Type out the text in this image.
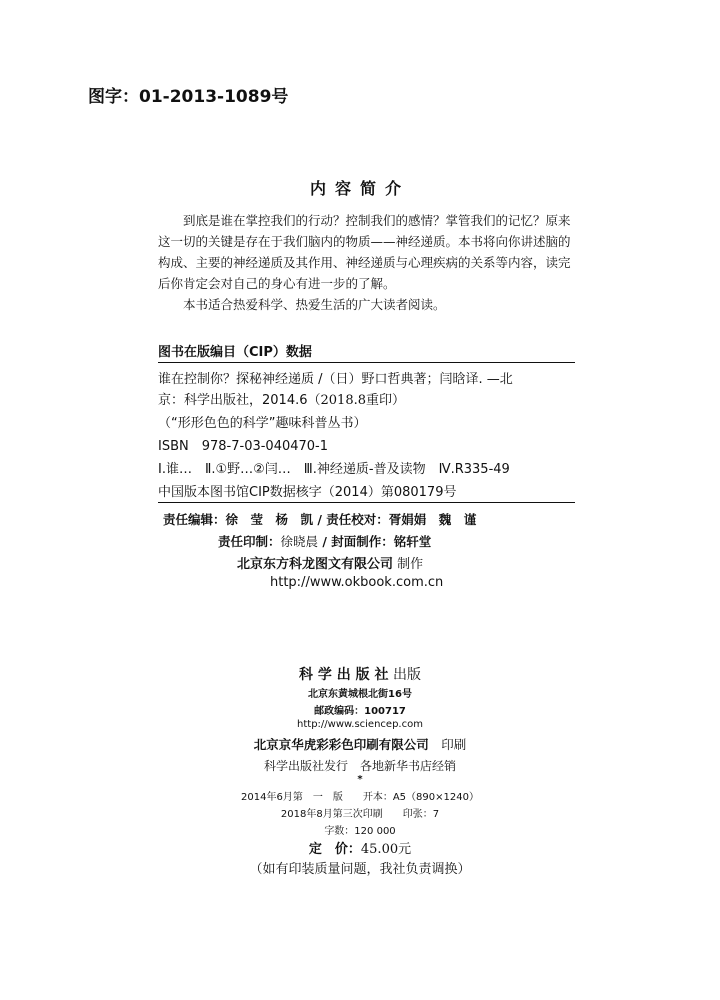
图字：01-2013-1089号
内容简介

到底是谁在掌控我们的行动？控制我们的感情？掌管我们的记忆？原来这一切的关键是存在于我们脑内的物质——神经递质。本书将向你讲述脑的构成、主要的神经递质及其作用、神经递质与心理疾病的关系等内容，读完后你肯定会对自己的身心有进一步的了解。

本书适合热爱科学、热爱生活的广大读者阅读。

图书在版编目（CIP）数据
谁在控制你？探秘神经递质 /（日）野口哲典著；闫晗译. —北
京：科学出版社，2014.6（2018.8重印）
（“形形色色的科学”趣味科普丛书）
ISBN　978-7-03-040470-1
Ⅰ.谁…　Ⅱ.①野…②闫…　Ⅲ.神经递质-普及读物　Ⅳ.R335-49
中国版本图书馆CIP数据核字（2014）第080179号
责任编辑：徐　莹　杨　凯 / 责任校对：胥娟娟　魏　谨
责任印制：徐晓晨 / 封面制作：铭轩堂
北京东方科龙图文有限公司 制作
http://www.okbook.com.cn
科 学 出 版 社 出版
北京东黄城根北街16号
邮政编码：100717
http://www.sciencep.com
北京京华虎彩彩色印刷有限公司　印刷
科学出版社发行　各地新华书店经销
*
2014年6月第　一　版　　开本：A5（890×1240）
2018年8月第三次印刷　　印张：7
字数：120 000
定　价：45.00元
（如有印装质量问题，我社负责调换）
